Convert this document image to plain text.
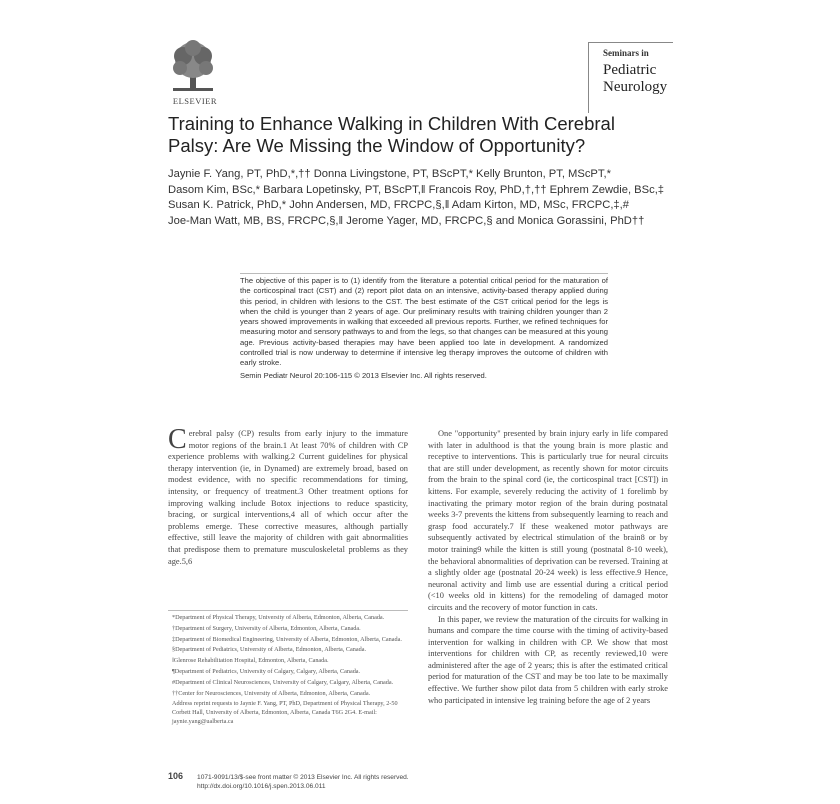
ELSEVIER
Seminars in
Pediatric
Neurology
Training to Enhance Walking in Children With Cerebral Palsy: Are We Missing the Window of Opportunity?
Jaynie F. Yang, PT, PhD,*,†† Donna Livingstone, PT, BScPT,* Kelly Brunton, PT, MScPT,*
Dasom Kim, BSc,* Barbara Lopetinsky, PT, BScPT,‖ Francois Roy, PhD,†,†† Ephrem Zewdie, BSc,‡
Susan K. Patrick, PhD,* John Andersen, MD, FRCPC,§,‖ Adam Kirton, MD, MSc, FRCPC,‡,#
Joe-Man Watt, MB, BS, FRCPC,§,‖ Jerome Yager, MD, FRCPC,§ and Monica Gorassini, PhD††
The objective of this paper is to (1) identify from the literature a potential critical period for the maturation of the corticospinal tract (CST) and (2) report pilot data on an intensive, activity-based therapy applied during this period, in children with lesions to the CST. The best estimate of the CST critical period for the legs is when the child is younger than 2 years of age. Our preliminary results with training children younger than 2 years showed improvements in walking that exceeded all previous reports. Further, we refined techniques for measuring motor and sensory pathways to and from the legs, so that changes can be measured at this young age. Previous activity-based therapies may have been applied too late in development. A randomized controlled trial is now underway to determine if intensive leg therapy improves the outcome of children with early stroke.
Semin Pediatr Neurol 20:106-115 © 2013 Elsevier Inc. All rights reserved.

Cerebral palsy (CP) results from early injury to the immature motor regions of the brain.1 At least 70% of children with CP experience problems with walking.2 Current guidelines for physical therapy intervention (ie, in Dynamed) are extremely broad, based on modest evidence, with no specific recommendations for timing, intensity, or frequency of treatment.3 Other treatment options for improving walking include Botox injections to reduce spasticity, bracing, or surgical interventions,4 all of which occur after the problems emerge. These corrective measures, although partially effective, still leave the majority of children with gait abnormalities that predispose them to premature musculoskeletal problems as they age.5,6

*Department of Physical Therapy, University of Alberta, Edmonton, Alberta, Canada.
†Department of Surgery, University of Alberta, Edmonton, Alberta, Canada.
‡Department of Biomedical Engineering, University of Alberta, Edmonton, Alberta, Canada.
§Department of Pediatrics, University of Alberta, Edmonton, Alberta, Canada.
‖Glenrose Rehabilitation Hospital, Edmonton, Alberta, Canada.
¶Department of Pediatrics, University of Calgary, Calgary, Alberta, Canada.
#Department of Clinical Neurosciences, University of Calgary, Calgary, Alberta, Canada.
††Center for Neurosciences, University of Alberta, Edmonton, Alberta, Canada.
Address reprint requests to Jaynie F. Yang, PT, PhD, Department of Physical Therapy, 2-50 Corbett Hall, University of Alberta, Edmonton, Alberta, Canada T6G 2G4. E-mail: jaynie.yang@ualberta.ca

One "opportunity" presented by brain injury early in life compared with later in adulthood is that the young brain is more plastic and receptive to interventions. This is particularly true for neural circuits that are still under development, as recently shown for motor circuits from the brain to the spinal cord (ie, the corticospinal tract [CST]) in kittens. For example, severely reducing the activity of 1 forelimb by inactivating the primary motor region of the brain during postnatal weeks 3-7 prevents the kittens from subsequently learning to reach and grasp food accurately.7 If these weakened motor pathways are subsequently activated by electrical stimulation of the brain8 or by motor training9 while the kitten is still young (postnatal 8-10 week), the behavioral abnormalities of deprivation can be reversed. Training at a slightly older age (postnatal 20-24 week) is less effective.9 Hence, neuronal activity and limb use are essential during a critical period (<10 weeks old in kittens) for the remodeling of damaged motor circuits and the recovery of motor function in cats.

In this paper, we review the maturation of the circuits for walking in humans and compare the time course with the timing of activity-based intervention for walking in children with CP. We show that most interventions for children with CP, as recently reviewed,10 were administered after the age of 2 years; this is after the estimated critical period for maturation of the CST and may be too late to be maximally effective. We further show pilot data from 5 children with early stroke who participated in intensive leg training before the age of 2 years

106 1071-9091/13/$-see front matter © 2013 Elsevier Inc. All rights reserved.
http://dx.doi.org/10.1016/j.spen.2013.06.011
